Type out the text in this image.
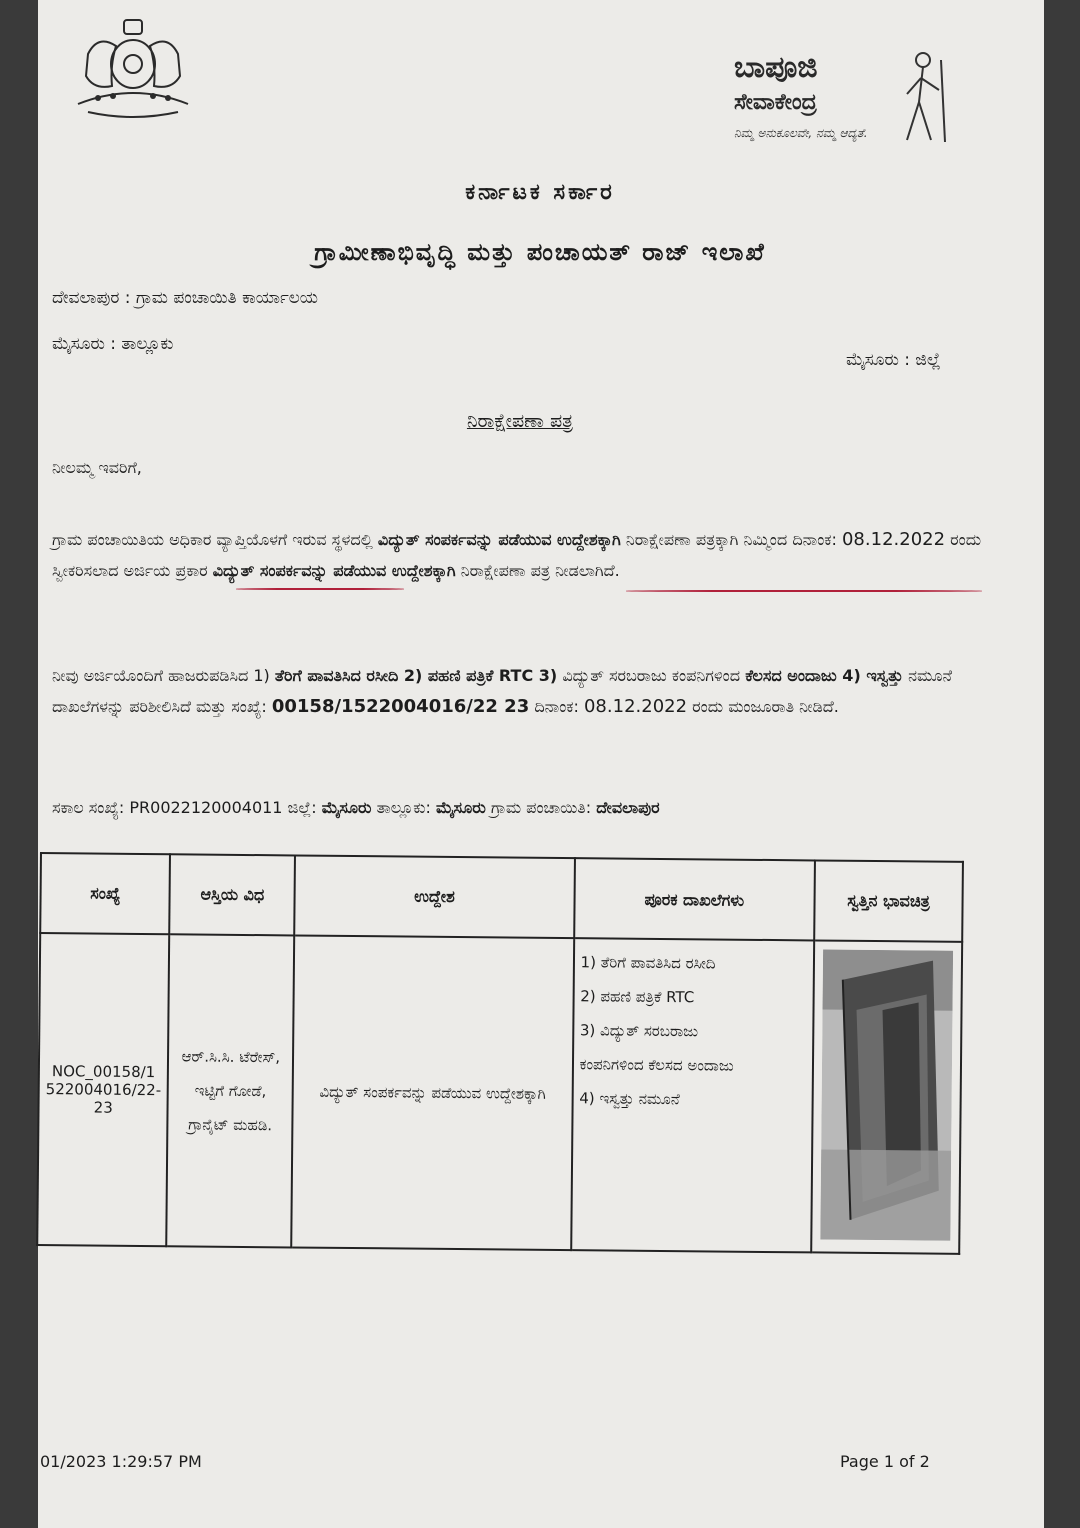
ಬಾಪೂಜಿ
ಸೇವಾಕೇಂದ್ರ
ನಿಮ್ಮ ಅನುಕೂಲವೇ, ನಮ್ಮ ಆದ್ಯತೆ.
ಕರ್ನಾಟಕ ಸರ್ಕಾರ
ಗ್ರಾಮೀಣಾಭಿವೃದ್ಧಿ ಮತ್ತು ಪಂಚಾಯತ್ ರಾಜ್ ಇಲಾಖೆ
ದೇವಲಾಪುರ : ಗ್ರಾಮ ಪಂಚಾಯಿತಿ ಕಾರ್ಯಾಲಯ
ಮೈಸೂರು : ತಾಲ್ಲೂಕು
ಮೈಸೂರು : ಜಿಲ್ಲೆ
ನಿರಾಕ್ಷೇಪಣಾ ಪತ್ರ
ನೀಲಮ್ಮ ಇವರಿಗೆ,
ಗ್ರಾಮ ಪಂಚಾಯಿತಿಯ ಅಧಿಕಾರ ವ್ಯಾಪ್ತಿಯೊಳಗೆ ಇರುವ ಸ್ಥಳದಲ್ಲಿ ವಿದ್ಯುತ್ ಸಂಪರ್ಕವನ್ನು ಪಡೆಯುವ ಉದ್ದೇಶಕ್ಕಾಗಿ ನಿರಾಕ್ಷೇಪಣಾ ಪತ್ರಕ್ಕಾಗಿ ನಿಮ್ಮಿಂದ ದಿನಾಂಕ: 08.12.2022 ರಂದು ಸ್ವೀಕರಿಸಲಾದ ಅರ್ಜಿಯ ಪ್ರಕಾರ ವಿದ್ಯುತ್ ಸಂಪರ್ಕವನ್ನು ಪಡೆಯುವ ಉದ್ದೇಶಕ್ಕಾಗಿ ನಿರಾಕ್ಷೇಪಣಾ ಪತ್ರ ನೀಡಲಾಗಿದೆ.
ನೀವು ಅರ್ಜಿಯೊಂದಿಗೆ ಹಾಜರುಪಡಿಸಿದ 1) ತೆರಿಗೆ ಪಾವತಿಸಿದ ರಸೀದಿ 2) ಪಹಣಿ ಪತ್ರಿಕೆ RTC 3) ವಿದ್ಯುತ್ ಸರಬರಾಜು ಕಂಪನಿಗಳಿಂದ ಕೆಲಸದ ಅಂದಾಜು 4) ಇಸ್ವತ್ತು ನಮೂನೆ ದಾಖಲೆಗಳನ್ನು ಪರಿಶೀಲಿಸಿದೆ ಮತ್ತು ಸಂಖ್ಯೆ: 00158/1522004016/22 23 ದಿನಾಂಕ: 08.12.2022 ರಂದು ಮಂಜೂರಾತಿ ನೀಡಿದೆ.
ಸಕಾಲ ಸಂಖ್ಯೆ: PR0022120004011 ಜಿಲ್ಲೆ: ಮೈಸೂರು ತಾಲ್ಲೂಕು: ಮೈಸೂರು ಗ್ರಾಮ ಪಂಚಾಯಿತಿ: ದೇವಲಾಪುರ
ಸಂಖ್ಯೆ	ಆಸ್ತಿಯ ವಿಧ	ಉದ್ದೇಶ	ಪೂರಕ ದಾಖಲೆಗಳು	ಸ್ವತ್ತಿನ ಭಾವಚಿತ್ರ
NOC_00158/1 522004016/22- 23	ಆರ್.ಸಿ.ಸಿ. ಟೆರೇಸ್, ಇಟ್ಟಿಗೆ ಗೋಡೆ, ಗ್ರಾನೈಟ್ ಮಹಡಿ.	ವಿದ್ಯುತ್ ಸಂಪರ್ಕವನ್ನು ಪಡೆಯುವ ಉದ್ದೇಶಕ್ಕಾಗಿ	1) ತೆರಿಗೆ ಪಾವತಿಸಿದ ರಸೀದಿ
2) ಪಹಣಿ ಪತ್ರಿಕೆ RTC
3) ವಿದ್ಯುತ್ ಸರಬರಾಜು
ಕಂಪನಿಗಳಿಂದ ಕೆಲಸದ ಅಂದಾಜು
4) ಇಸ್ವತ್ತು ನಮೂನೆ

01/2023 1:29:57 PM	Page 1 of 2
